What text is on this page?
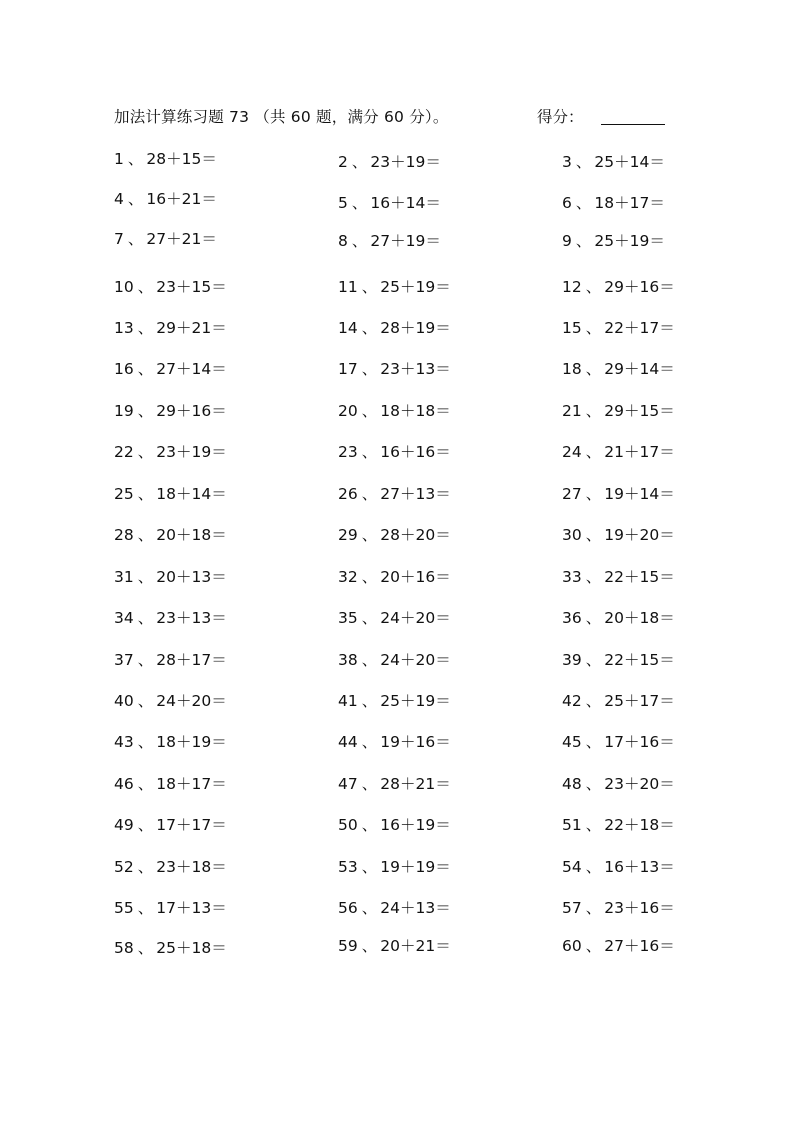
加法计算练习题 73 （共 60 题，满分 60 分）。	得分：
1 、 28＋15＝	2 、 23＋19＝	3 、 25＋14＝
4 、 16＋21＝	5 、 16＋14＝	6 、 18＋17＝
7 、 27＋21＝	8 、 27＋19＝	9 、 25＋19＝
10 、 23＋15＝	11 、 25＋19＝	12 、 29＋16＝
13 、 29＋21＝	14 、 28＋19＝	15 、 22＋17＝
16 、 27＋14＝	17 、 23＋13＝	18 、 29＋14＝
19 、 29＋16＝	20 、 18＋18＝	21 、 29＋15＝
22 、 23＋19＝	23 、 16＋16＝	24 、 21＋17＝
25 、 18＋14＝	26 、 27＋13＝	27 、 19＋14＝
28 、 20＋18＝	29 、 28＋20＝	30 、 19＋20＝
31 、 20＋13＝	32 、 20＋16＝	33 、 22＋15＝
34 、 23＋13＝	35 、 24＋20＝	36 、 20＋18＝
37 、 28＋17＝	38 、 24＋20＝	39 、 22＋15＝
40 、 24＋20＝	41 、 25＋19＝	42 、 25＋17＝
43 、 18＋19＝	44 、 19＋16＝	45 、 17＋16＝
46 、 18＋17＝	47 、 28＋21＝	48 、 23＋20＝
49 、 17＋17＝	50 、 16＋19＝	51 、 22＋18＝
52 、 23＋18＝	53 、 19＋19＝	54 、 16＋13＝
55 、 17＋13＝	56 、 24＋13＝	57 、 23＋16＝
58 、 25＋18＝	59 、 20＋21＝	60 、 27＋16＝
